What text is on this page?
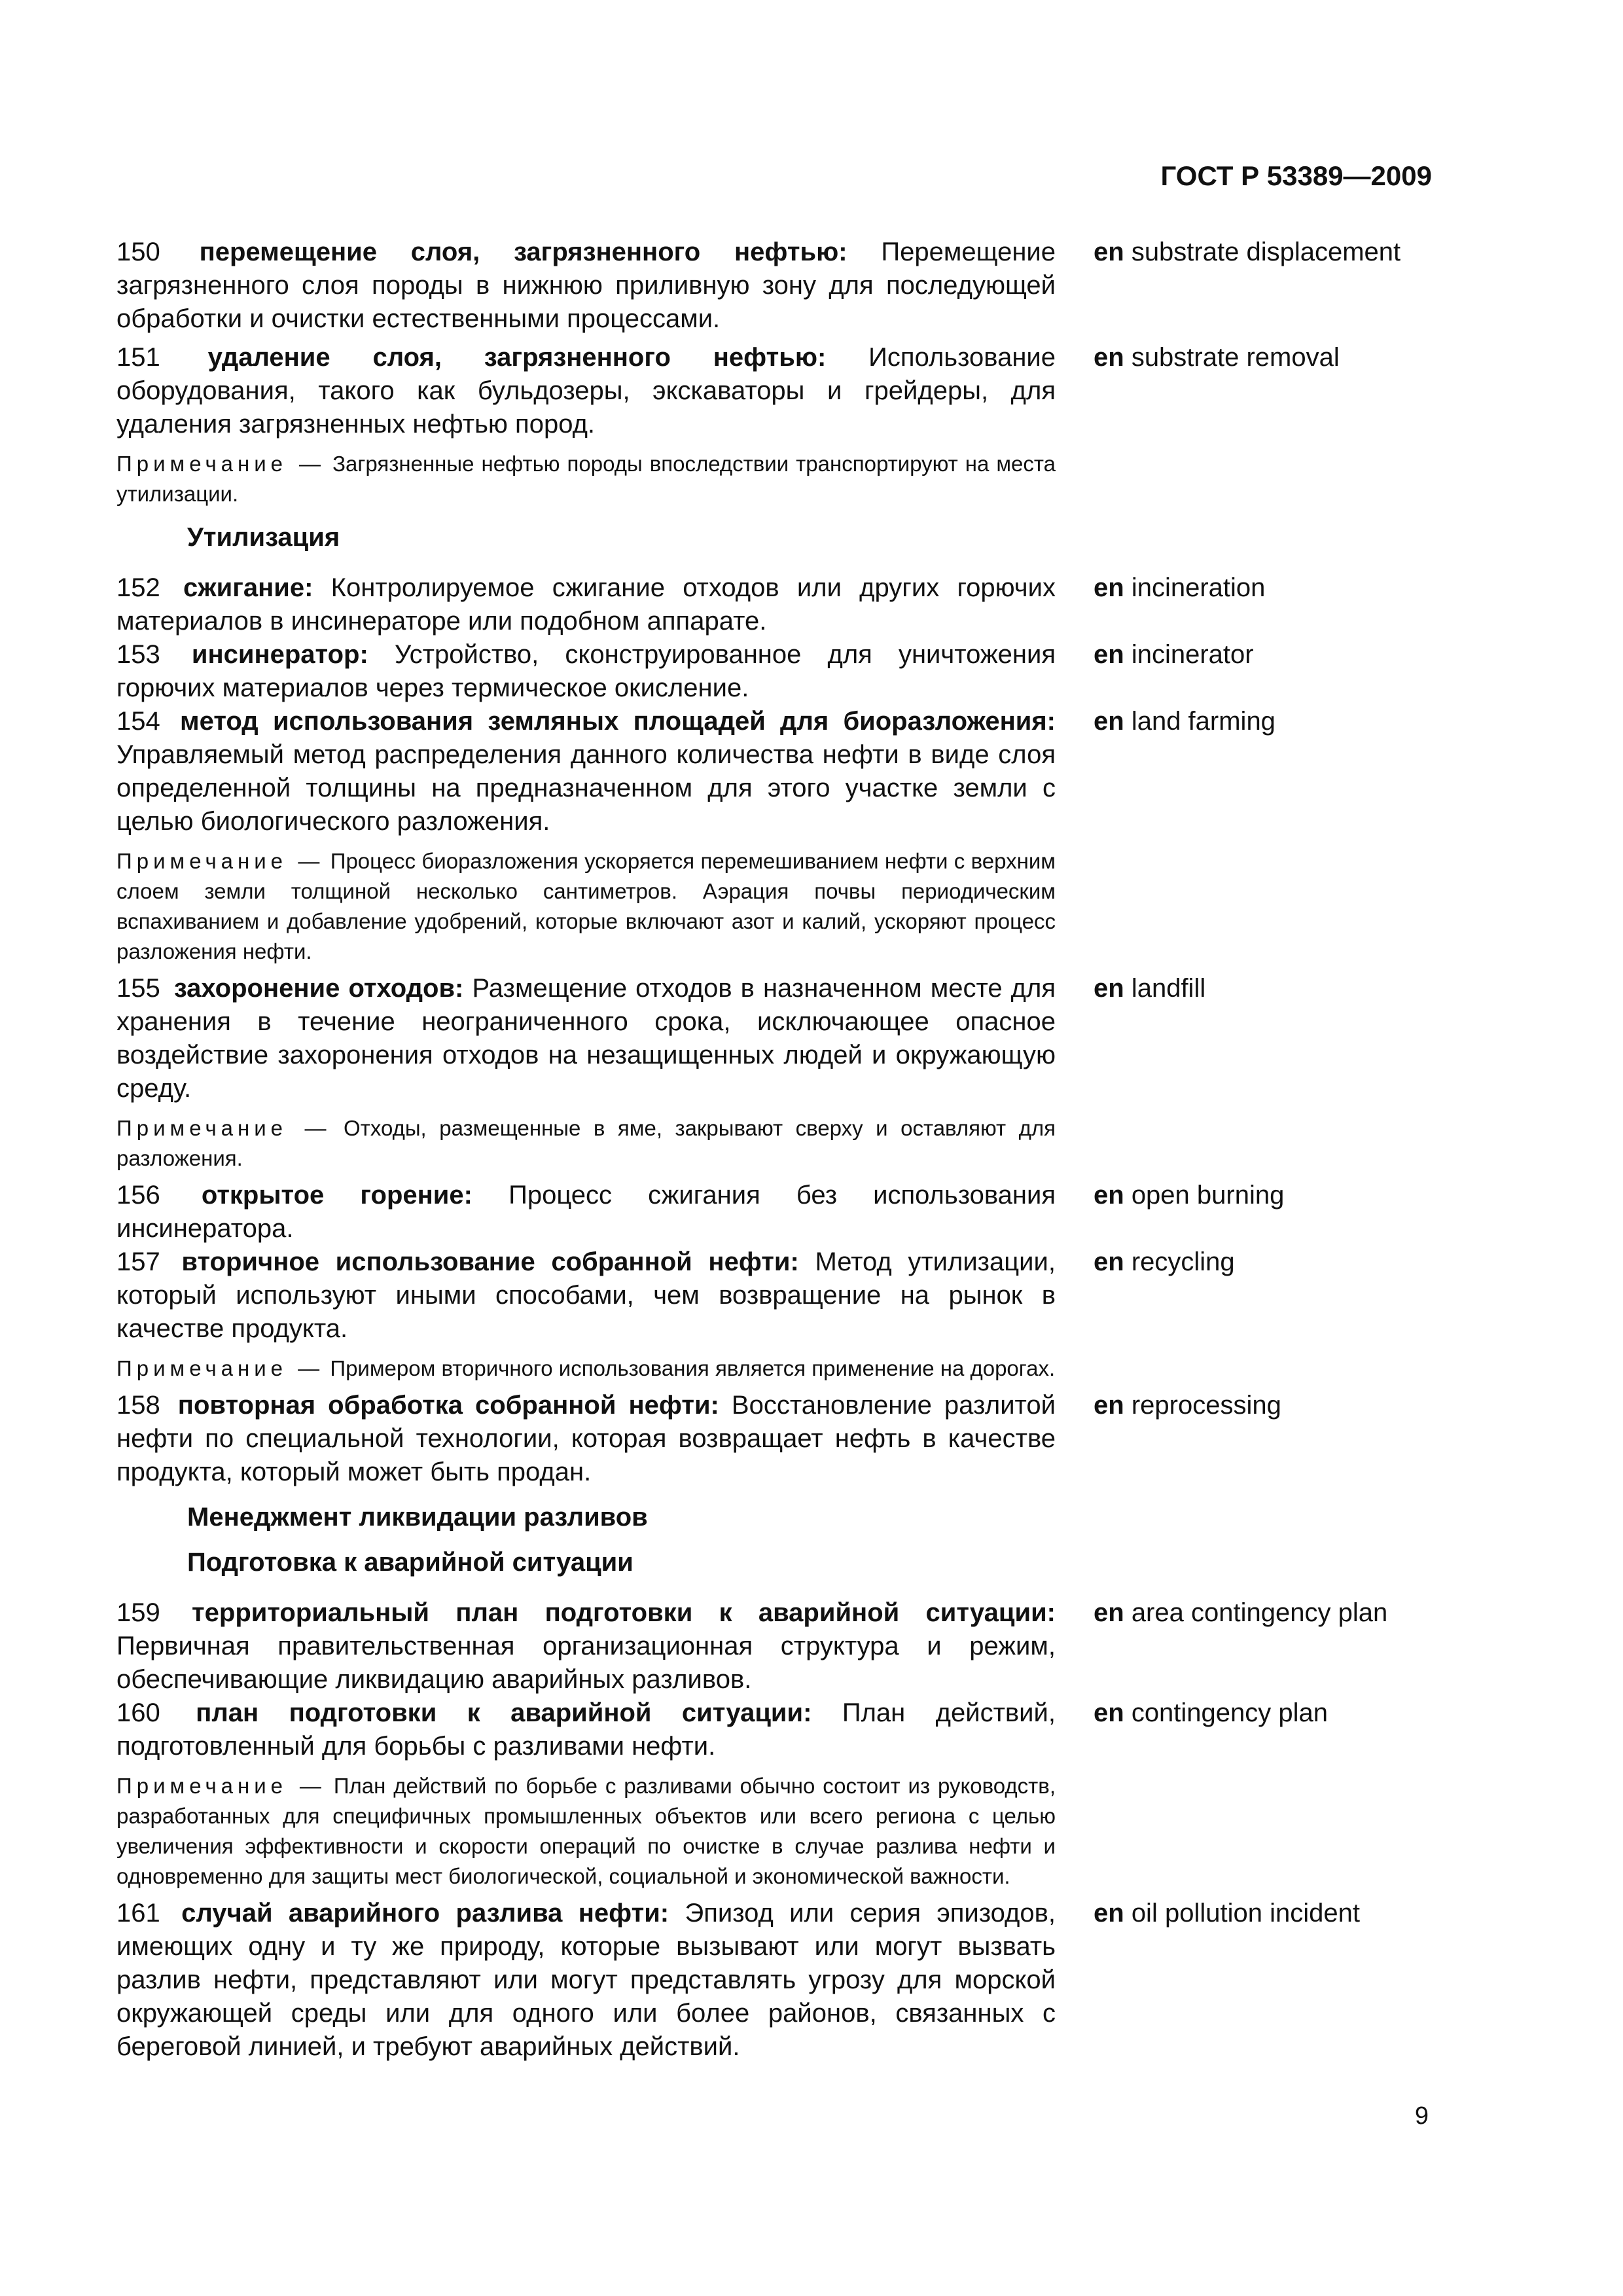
ГОСТ Р 53389—2009
150 перемещение слоя, загрязненного нефтью: Перемещение загрязненного слоя породы в нижнюю приливную зону для последующей обработки и очистки естественными процессами.
en substrate displacement
151 удаление слоя, загрязненного нефтью: Использование оборудования, такого как бульдозеры, экскаваторы и грейдеры, для удаления загрязненных нефтью пород.
en substrate removal
Примечание — Загрязненные нефтью породы впоследствии транспортируют на места утилизации.
Утилизация
152 сжигание: Контролируемое сжигание отходов или других горючих материалов в инсинераторе или подобном аппарате.
en incineration
153 инсинератор: Устройство, сконструированное для уничтожения горючих материалов через термическое окисление.
en incinerator
154 метод использования земляных площадей для биоразложения: Управляемый метод распределения данного количества нефти в виде слоя определенной толщины на предназначенном для этого участке земли с целью биологического разложения.
en land farming
Примечание — Процесс биоразложения ускоряется перемешиванием нефти с верхним слоем земли толщиной несколько сантиметров. Аэрация почвы периодическим вспахиванием и добавление удобрений, которые включают азот и калий, ускоряют процесс разложения нефти.
155 захоронение отходов: Размещение отходов в назначенном месте для хранения в течение неограниченного срока, исключающее опасное воздействие захоронения отходов на незащищенных людей и окружающую среду.
en landfill
Примечание — Отходы, размещенные в яме, закрывают сверху и оставляют для разложения.
156 открытое горение: Процесс сжигания без использования инсинератора.
en open burning
157 вторичное использование собранной нефти: Метод утилизации, который используют иными способами, чем возвращение на рынок в качестве продукта.
en recycling
Примечание — Примером вторичного использования является применение на дорогах.
158 повторная обработка собранной нефти: Восстановление разлитой нефти по специальной технологии, которая возвращает нефть в качестве продукта, который может быть продан.
en reprocessing
Менеджмент ликвидации разливов
Подготовка к аварийной ситуации
159 территориальный план подготовки к аварийной ситуации: Первичная правительственная организационная структура и режим, обеспечивающие ликвидацию аварийных разливов.
en area contingency plan
160 план подготовки к аварийной ситуации: План действий, подготовленный для борьбы с разливами нефти.
en contingency plan
Примечание — План действий по борьбе с разливами обычно состоит из руководств, разработанных для специфичных промышленных объектов или всего региона с целью увеличения эффективности и скорости операций по очистке в случае разлива нефти и одновременно для защиты мест биологической, социальной и экономической важности.
161 случай аварийного разлива нефти: Эпизод или серия эпизодов, имеющих одну и ту же природу, которые вызывают или могут вызвать разлив нефти, представляют или могут представлять угрозу для морской окружающей среды или для одного или более районов, связанных с береговой линией, и требуют аварийных действий.
en oil pollution incident
9
